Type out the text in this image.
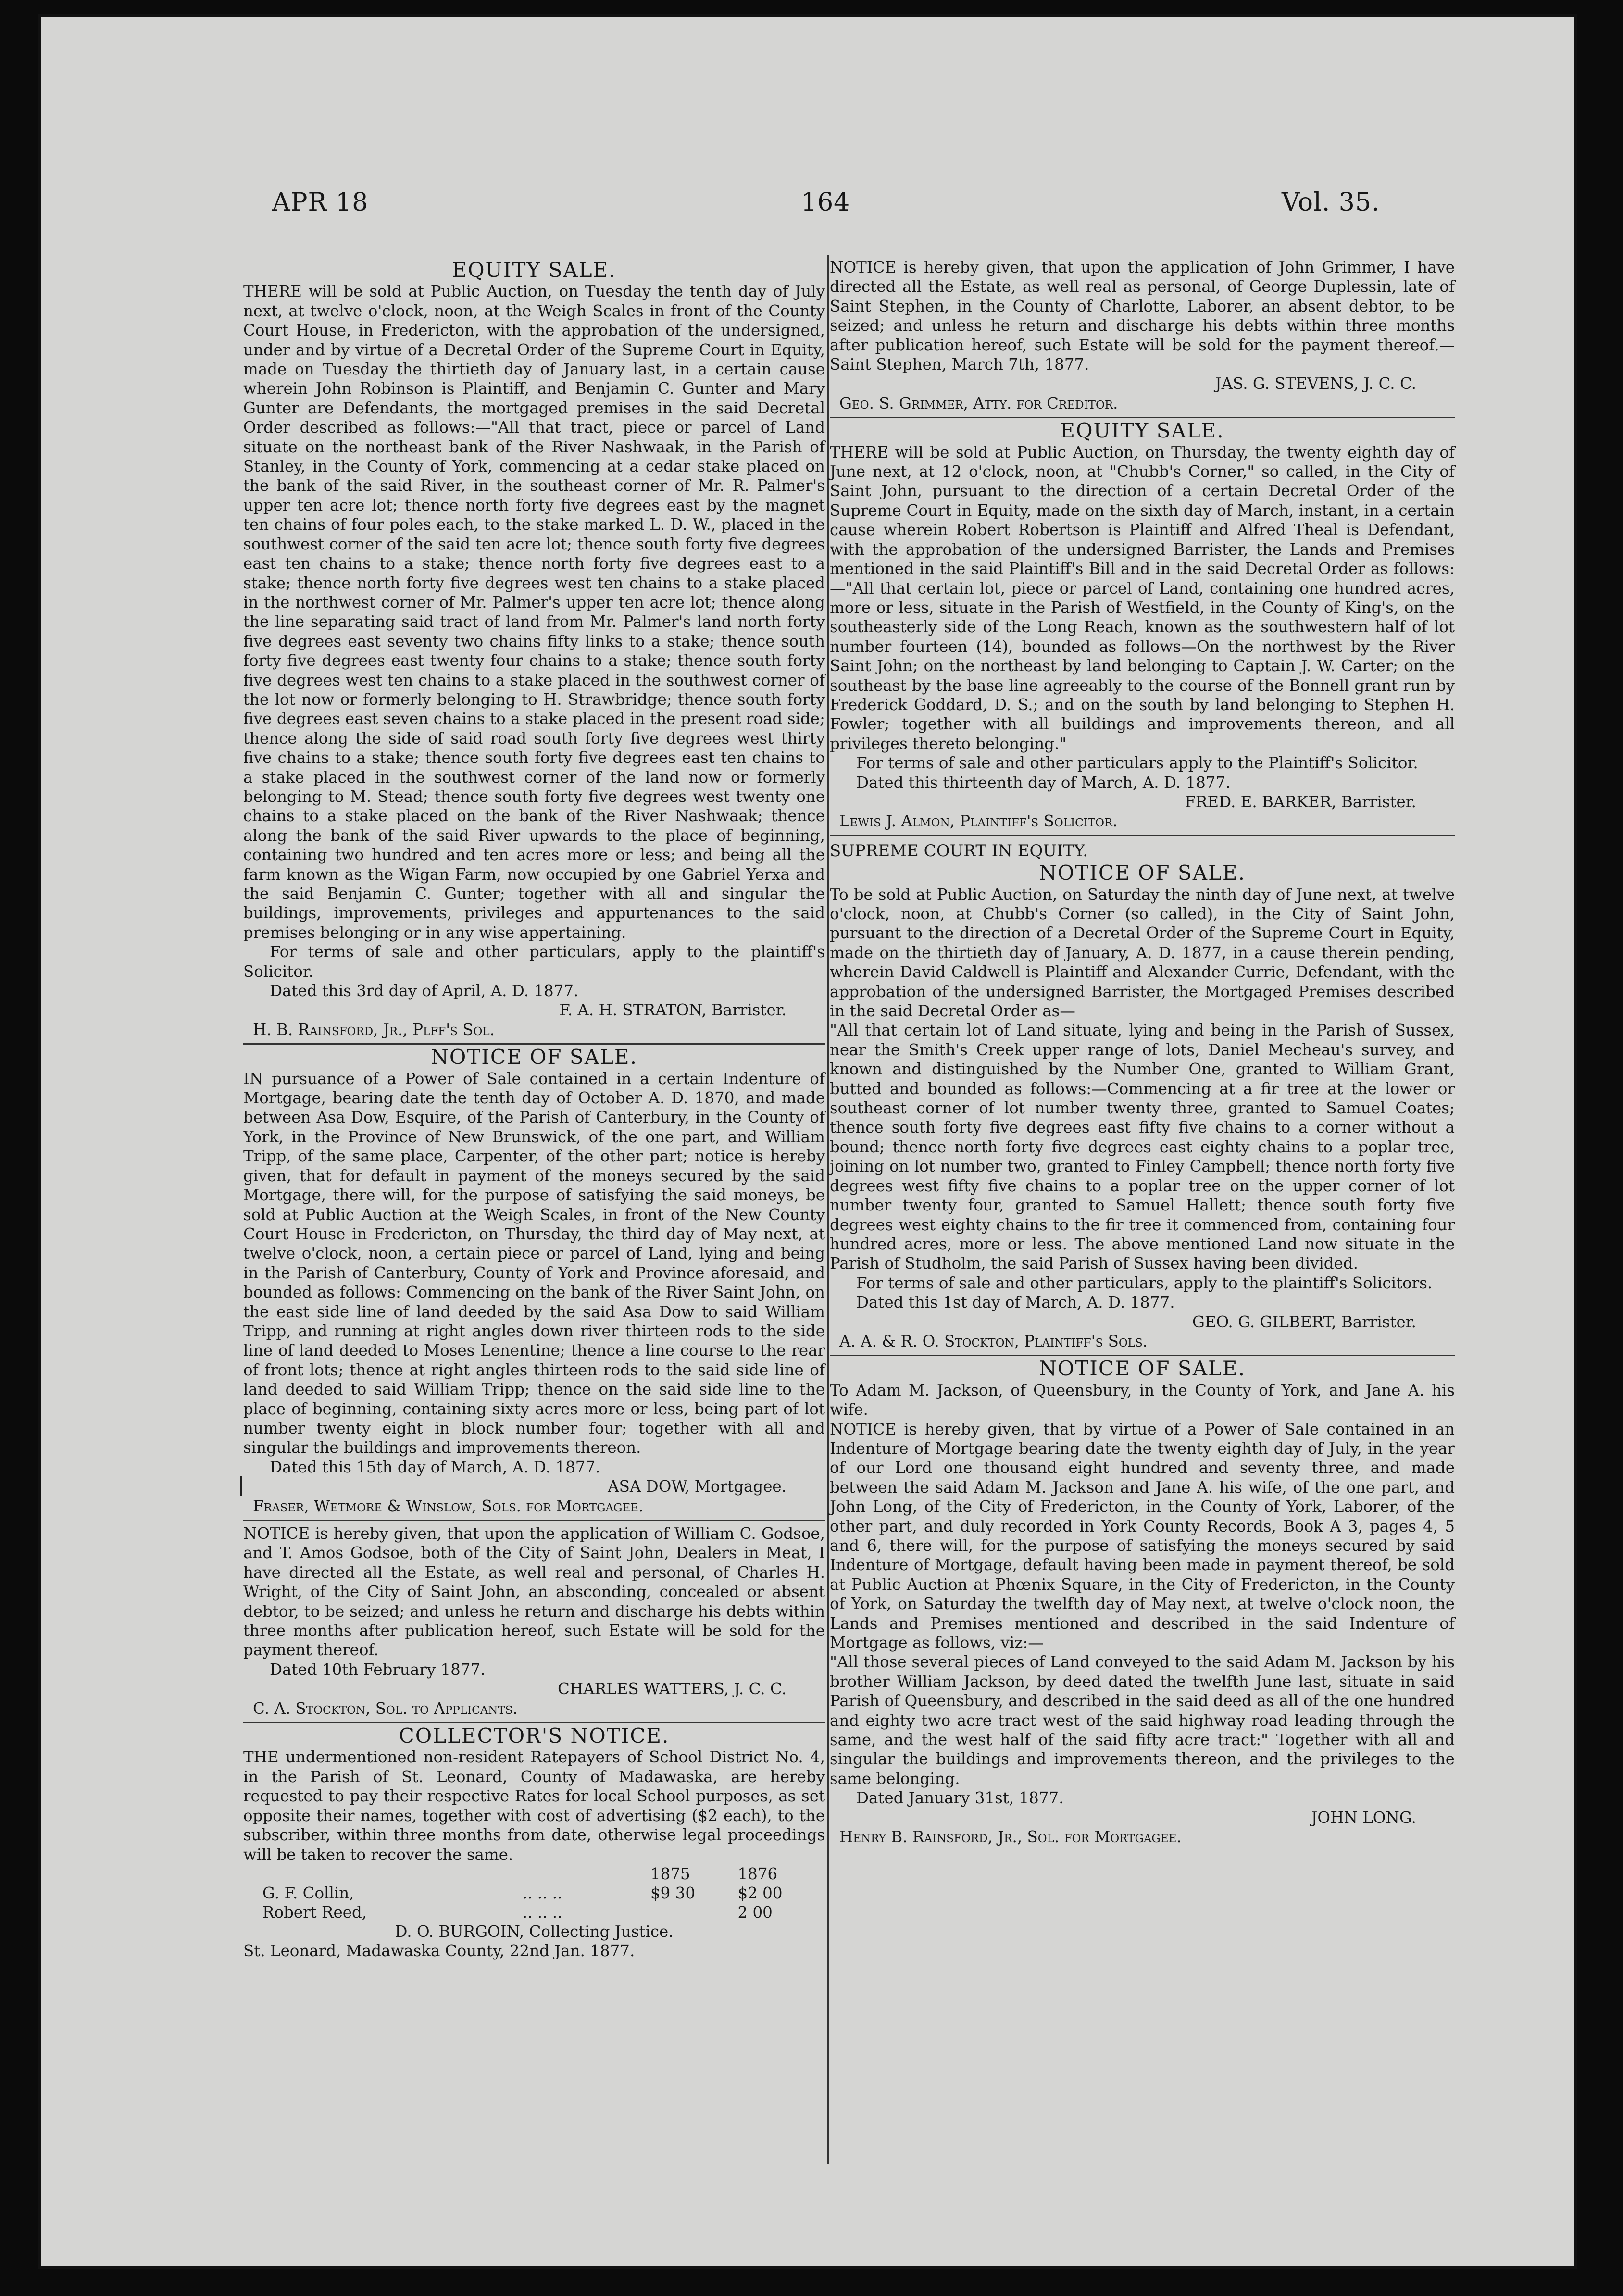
APR 18	164	Vol. 35.
EQUITY SALE.

THERE will be sold at Public Auction, on Tuesday the tenth day of July next, at twelve o'clock, noon, at the Weigh Scales in front of the County Court House, in Fredericton, with the approbation of the undersigned, under and by virtue of a Decretal Order of the Supreme Court in Equity, made on Tuesday the thirtieth day of January last, in a certain cause wherein John Robinson is Plaintiff, and Benjamin C. Gunter and Mary Gunter are Defendants, the mortgaged premises in the said Decretal Order described as follows:—"All that tract, piece or parcel of Land situate on the northeast bank of the River Nashwaak, in the Parish of Stanley, in the County of York, commencing at a cedar stake placed on the bank of the said River, in the southeast corner of Mr. R. Palmer's upper ten acre lot; thence north forty five degrees east by the magnet ten chains of four poles each, to the stake marked L. D. W., placed in the southwest corner of the said ten acre lot; thence south forty five degrees east ten chains to a stake; thence north forty five degrees east to a stake; thence north forty five degrees west ten chains to a stake placed in the northwest corner of Mr. Palmer's upper ten acre lot; thence along the line separating said tract of land from Mr. Palmer's land north forty five degrees east seventy two chains fifty links to a stake; thence south forty five degrees east twenty four chains to a stake; thence south forty five degrees west ten chains to a stake placed in the southwest corner of the lot now or formerly belonging to H. Strawbridge; thence south forty five degrees east seven chains to a stake placed in the present road side; thence along the side of said road south forty five degrees west thirty five chains to a stake; thence south forty five degrees east ten chains to a stake placed in the southwest corner of the land now or formerly belonging to M. Stead; thence south forty five degrees west twenty one chains to a stake placed on the bank of the River Nashwaak; thence along the bank of the said River upwards to the place of beginning, containing two hundred and ten acres more or less; and being all the farm known as the Wigan Farm, now occupied by one Gabriel Yerxa and the said Benjamin C. Gunter; together with all and singular the buildings, improvements, privileges and appurtenances to the said premises belonging or in any wise appertaining.

For terms of sale and other particulars, apply to the plaintiff's Solicitor.

Dated this 3rd day of April, A. D. 1877.

F. A. H. STRATON, Barrister.

H. B. Rainsford, Jr., Plff's Sol.

NOTICE OF SALE.

IN pursuance of a Power of Sale contained in a certain Indenture of Mortgage, bearing date the tenth day of October A. D. 1870, and made between Asa Dow, Esquire, of the Parish of Canterbury, in the County of York, in the Province of New Brunswick, of the one part, and William Tripp, of the same place, Carpenter, of the other part; notice is hereby given, that for default in payment of the moneys secured by the said Mortgage, there will, for the purpose of satisfying the said moneys, be sold at Public Auction at the Weigh Scales, in front of the New County Court House in Fredericton, on Thursday, the third day of May next, at twelve o'clock, noon, a certain piece or parcel of Land, lying and being in the Parish of Canterbury, County of York and Province aforesaid, and bounded as follows: Commencing on the bank of the River Saint John, on the east side line of land deeded by the said Asa Dow to said William Tripp, and running at right angles down river thirteen rods to the side line of land deeded to Moses Lenentine; thence a line course to the rear of front lots; thence at right angles thirteen rods to the said side line of land deeded to said William Tripp; thence on the said side line to the place of beginning, containing sixty acres more or less, being part of lot number twenty eight in block number four; together with all and singular the buildings and improvements thereon.

Dated this 15th day of March, A. D. 1877.

ASA DOW, Mortgagee.

Fraser, Wetmore & Winslow, Sols. for Mortgagee.

NOTICE is hereby given, that upon the application of William C. Godsoe, and T. Amos Godsoe, both of the City of Saint John, Dealers in Meat, I have directed all the Estate, as well real and personal, of Charles H. Wright, of the City of Saint John, an absconding, concealed or absent debtor, to be seized; and unless he return and discharge his debts within three months after publication hereof, such Estate will be sold for the payment thereof.

Dated 10th February 1877.

CHARLES WATTERS, J. C. C.

C. A. Stockton, Sol. to Applicants.

COLLECTOR'S NOTICE.

THE undermentioned non-resident Ratepayers of School District No. 4, in the Parish of St. Leonard, County of Madawaska, are hereby requested to pay their respective Rates for local School purposes, as set opposite their names, together with cost of advertising ($2 each), to the subscriber, within three months from date, otherwise legal proceedings will be taken to recover the same.

		1875	1876
G. F. Collin,	.. .. ..	$9 30	$2 00
Robert Reed,	.. .. ..		2 00

D. O. BURGOIN, Collecting Justice.

St. Leonard, Madawaska County, 22nd Jan. 1877.

NOTICE is hereby given, that upon the application of John Grimmer, I have directed all the Estate, as well real as personal, of George Duplessin, late of Saint Stephen, in the County of Charlotte, Laborer, an absent debtor, to be seized; and unless he return and discharge his debts within three months after publication hereof, such Estate will be sold for the payment thereof.—Saint Stephen, March 7th, 1877.

JAS. G. STEVENS, J. C. C.

Geo. S. Grimmer, Atty. for Creditor.

EQUITY SALE.

THERE will be sold at Public Auction, on Thursday, the twenty eighth day of June next, at 12 o'clock, noon, at "Chubb's Corner," so called, in the City of Saint John, pursuant to the direction of a certain Decretal Order of the Supreme Court in Equity, made on the sixth day of March, instant, in a certain cause wherein Robert Robertson is Plaintiff and Alfred Theal is Defendant, with the approbation of the undersigned Barrister, the Lands and Premises mentioned in the said Plaintiff's Bill and in the said Decretal Order as follows:—"All that certain lot, piece or parcel of Land, containing one hundred acres, more or less, situate in the Parish of Westfield, in the County of King's, on the southeasterly side of the Long Reach, known as the southwestern half of lot number fourteen (14), bounded as follows—On the northwest by the River Saint John; on the northeast by land belonging to Captain J. W. Carter; on the southeast by the base line agreeably to the course of the Bonnell grant run by Frederick Goddard, D. S.; and on the south by land belonging to Stephen H. Fowler; together with all buildings and improvements thereon, and all privileges thereto belonging."

For terms of sale and other particulars apply to the Plaintiff's Solicitor.

Dated this thirteenth day of March, A. D. 1877.

FRED. E. BARKER, Barrister.

Lewis J. Almon, Plaintiff's Solicitor.

SUPREME COURT IN EQUITY.
NOTICE OF SALE.

To be sold at Public Auction, on Saturday the ninth day of June next, at twelve o'clock, noon, at Chubb's Corner (so called), in the City of Saint John, pursuant to the direction of a Decretal Order of the Supreme Court in Equity, made on the thirtieth day of January, A. D. 1877, in a cause therein pending, wherein David Caldwell is Plaintiff and Alexander Currie, Defendant, with the approbation of the undersigned Barrister, the Mortgaged Premises described in the said Decretal Order as—

"All that certain lot of Land situate, lying and being in the Parish of Sussex, near the Smith's Creek upper range of lots, Daniel Mecheau's survey, and known and distinguished by the Number One, granted to William Grant, butted and bounded as follows:—Commencing at a fir tree at the lower or southeast corner of lot number twenty three, granted to Samuel Coates; thence south forty five degrees east fifty five chains to a corner without a bound; thence north forty five degrees east eighty chains to a poplar tree, joining on lot number two, granted to Finley Campbell; thence north forty five degrees west fifty five chains to a poplar tree on the upper corner of lot number twenty four, granted to Samuel Hallett; thence south forty five degrees west eighty chains to the fir tree it commenced from, containing four hundred acres, more or less. The above mentioned Land now situate in the Parish of Studholm, the said Parish of Sussex having been divided.

For terms of sale and other particulars, apply to the plaintiff's Solicitors.

Dated this 1st day of March, A. D. 1877.

GEO. G. GILBERT, Barrister.

A. A. & R. O. Stockton, Plaintiff's Sols.

NOTICE OF SALE.

To Adam M. Jackson, of Queensbury, in the County of York, and Jane A. his wife.

NOTICE is hereby given, that by virtue of a Power of Sale contained in an Indenture of Mortgage bearing date the twenty eighth day of July, in the year of our Lord one thousand eight hundred and seventy three, and made between the said Adam M. Jackson and Jane A. his wife, of the one part, and John Long, of the City of Fredericton, in the County of York, Laborer, of the other part, and duly recorded in York County Records, Book A 3, pages 4, 5 and 6, there will, for the purpose of satisfying the moneys secured by said Indenture of Mortgage, default having been made in payment thereof, be sold at Public Auction at Phœnix Square, in the City of Fredericton, in the County of York, on Saturday the twelfth day of May next, at twelve o'clock noon, the Lands and Premises mentioned and described in the said Indenture of Mortgage as follows, viz:—

"All those several pieces of Land conveyed to the said Adam M. Jackson by his brother William Jackson, by deed dated the twelfth June last, situate in said Parish of Queensbury, and described in the said deed as all of the one hundred and eighty two acre tract west of the said highway road leading through the same, and the west half of the said fifty acre tract:" Together with all and singular the buildings and improvements thereon, and the privileges to the same belonging.

Dated January 31st, 1877.

JOHN LONG.

Henry B. Rainsford, Jr., Sol. for Mortgagee.
